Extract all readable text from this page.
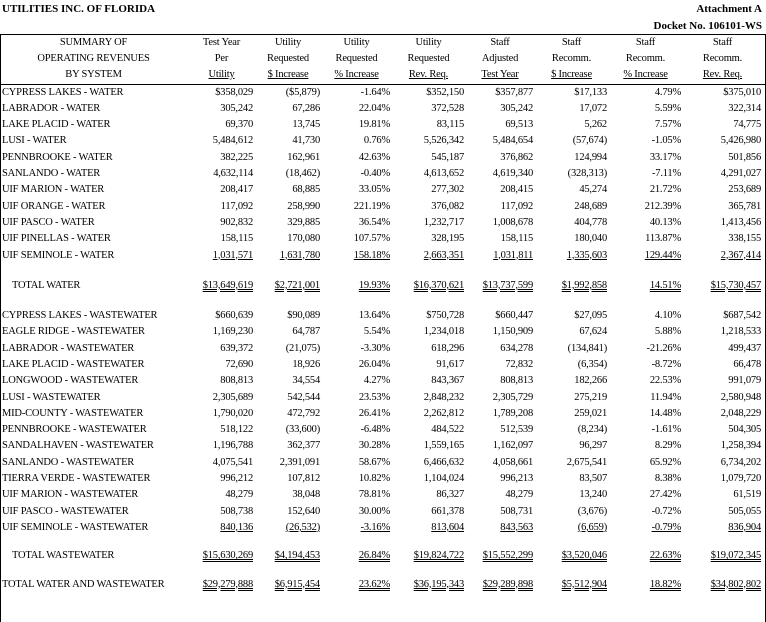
UTILITIES INC. OF FLORIDA	Attachment A
Docket No. 106101-WS
SUMMARY OF	Test Year	Utility	Utility	Utility	Staff	Staff	Staff	Staff
OPERATING REVENUES	Per	Requested	Requested	Requested	Adjusted	Recomm.	Recomm.	Recomm.
BY SYSTEM	Utility	$ Increase	% Increase	Rev. Req.	Test Year	$ Increase	% Increase	Rev. Req.

CYPRESS LAKES - WATER	$358,029	($5,879)	-1.64%	$352,150	$357,877	$17,133	4.79%	$375,010
LABRADOR - WATER	305,242	67,286	22.04%	372,528	305,242	17,072	5.59%	322,314
LAKE PLACID - WATER	69,370	13,745	19.81%	83,115	69,513	5,262	7.57%	74,775
LUSI - WATER	5,484,612	41,730	0.76%	5,526,342	5,484,654	(57,674)	-1.05%	5,426,980
PENNBROOKE - WATER	382,225	162,961	42.63%	545,187	376,862	124,994	33.17%	501,856
SANLANDO - WATER	4,632,114	(18,462)	-0.40%	4,613,652	4,619,340	(328,313)	-7.11%	4,291,027
UIF MARION - WATER	208,417	68,885	33.05%	277,302	208,415	45,274	21.72%	253,689
UIF ORANGE - WATER	117,092	258,990	221.19%	376,082	117,092	248,689	212.39%	365,781
UIF PASCO - WATER	902,832	329,885	36.54%	1,232,717	1,008,678	404,778	40.13%	1,413,456
UIF PINELLAS - WATER	158,115	170,080	107.57%	328,195	158,115	180,040	113.87%	338,155
UIF SEMINOLE - WATER	1,031,571	1,631,780	158.18%	2,663,351	1,031,811	1,335,603	129.44%	2,367,414

TOTAL WATER	$13,649,619	$2,721,001	19.93%	$16,370,621	$13,737,599	$1,992,858	14.51%	$15,730,457

CYPRESS LAKES - WASTEWATER	$660,639	$90,089	13.64%	$750,728	$660,447	$27,095	4.10%	$687,542
EAGLE RIDGE - WASTEWATER	1,169,230	64,787	5.54%	1,234,018	1,150,909	67,624	5.88%	1,218,533
LABRADOR - WASTEWATER	639,372	(21,075)	-3.30%	618,296	634,278	(134,841)	-21.26%	499,437
LAKE PLACID - WASTEWATER	72,690	18,926	26.04%	91,617	72,832	(6,354)	-8.72%	66,478
LONGWOOD - WASTEWATER	808,813	34,554	4.27%	843,367	808,813	182,266	22.53%	991,079
LUSI - WASTEWATER	2,305,689	542,544	23.53%	2,848,232	2,305,729	275,219	11.94%	2,580,948
MID-COUNTY - WASTEWATER	1,790,020	472,792	26.41%	2,262,812	1,789,208	259,021	14.48%	2,048,229
PENNBROOKE - WASTEWATER	518,122	(33,600)	-6.48%	484,522	512,539	(8,234)	-1.61%	504,305
SANDALHAVEN - WASTEWATER	1,196,788	362,377	30.28%	1,559,165	1,162,097	96,297	8.29%	1,258,394
SANLANDO - WASTEWATER	4,075,541	2,391,091	58.67%	6,466,632	4,058,661	2,675,541	65.92%	6,734,202
TIERRA VERDE - WASTEWATER	996,212	107,812	10.82%	1,104,024	996,213	83,507	8.38%	1,079,720
UIF MARION - WASTEWATER	48,279	38,048	78.81%	86,327	48,279	13,240	27.42%	61,519
UIF PASCO - WASTEWATER	508,738	152,640	30.00%	661,378	508,731	(3,676)	-0.72%	505,055
UIF SEMINOLE - WASTEWATER	840,136	(26,532)	-3.16%	813,604	843,563	(6,659)	-0.79%	836,904

TOTAL WASTEWATER	$15,630,269	$4,194,453	26.84%	$19,824,722	$15,552,299	$3,520,046	22.63%	$19,072,345

TOTAL WATER AND WASTEWATER	$29,279,888	$6,915,454	23.62%	$36,195,343	$29,289,898	$5,512,904	18.82%	$34,802,802
